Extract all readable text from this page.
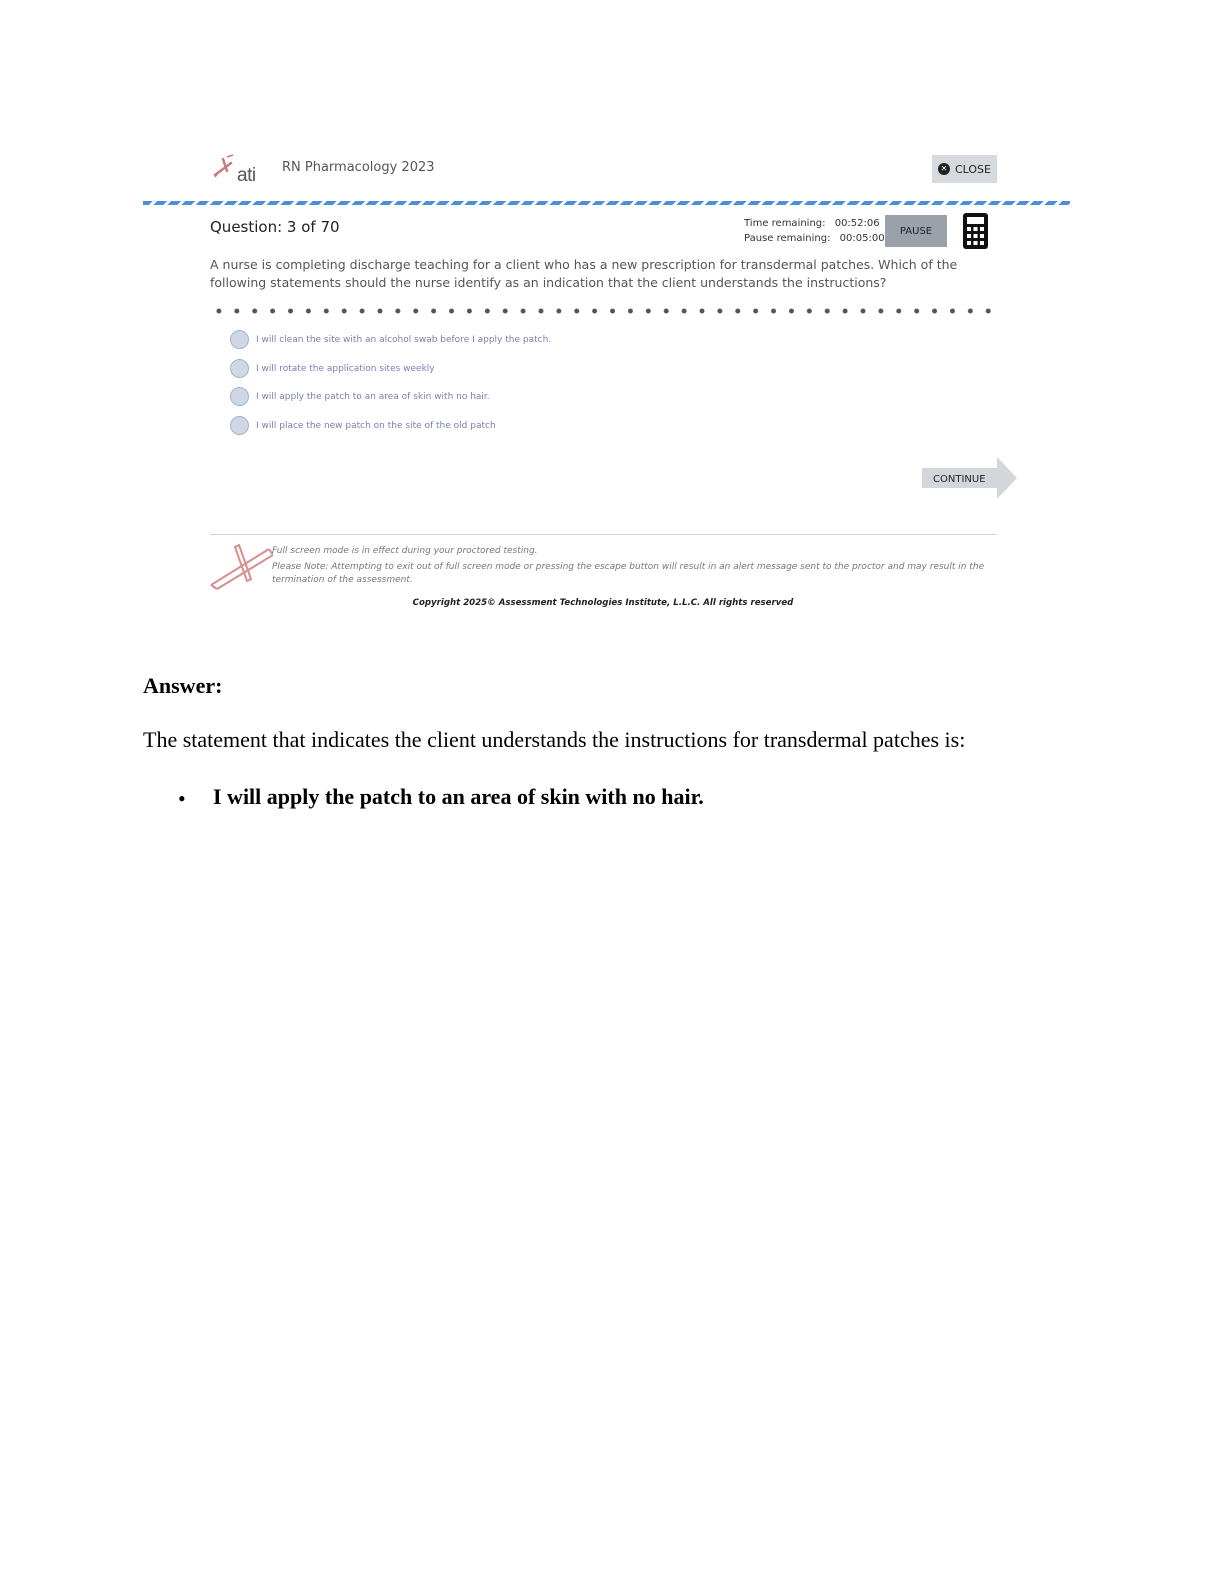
ati RN Pharmacology 2023	✕ CLOSE
Question: 3 of 70	Time remaining: 00:52:06
Pause remaining: 00:05:00
PAUSE
A nurse is completing discharge teaching for a client who has a new prescription for transdermal patches. Which of the following statements should the nurse identify as an indication that the client understands the instructions?
I will clean the site with an alcohol swab before I apply the patch.
I will rotate the application sites weekly
I will apply the patch to an area of skin with no hair.
I will place the new patch on the site of the old patch
CONTINUE
Full screen mode is in effect during your proctored testing.
Please Note: Attempting to exit out of full screen mode or pressing the escape button will result in an alert message sent to the proctor and may result in the termination of the assessment.
Copyright 2025© Assessment Technologies Institute, L.L.C. All rights reserved
Answer:
The statement that indicates the client understands the instructions for transdermal patches is:
• I will apply the patch to an area of skin with no hair.
